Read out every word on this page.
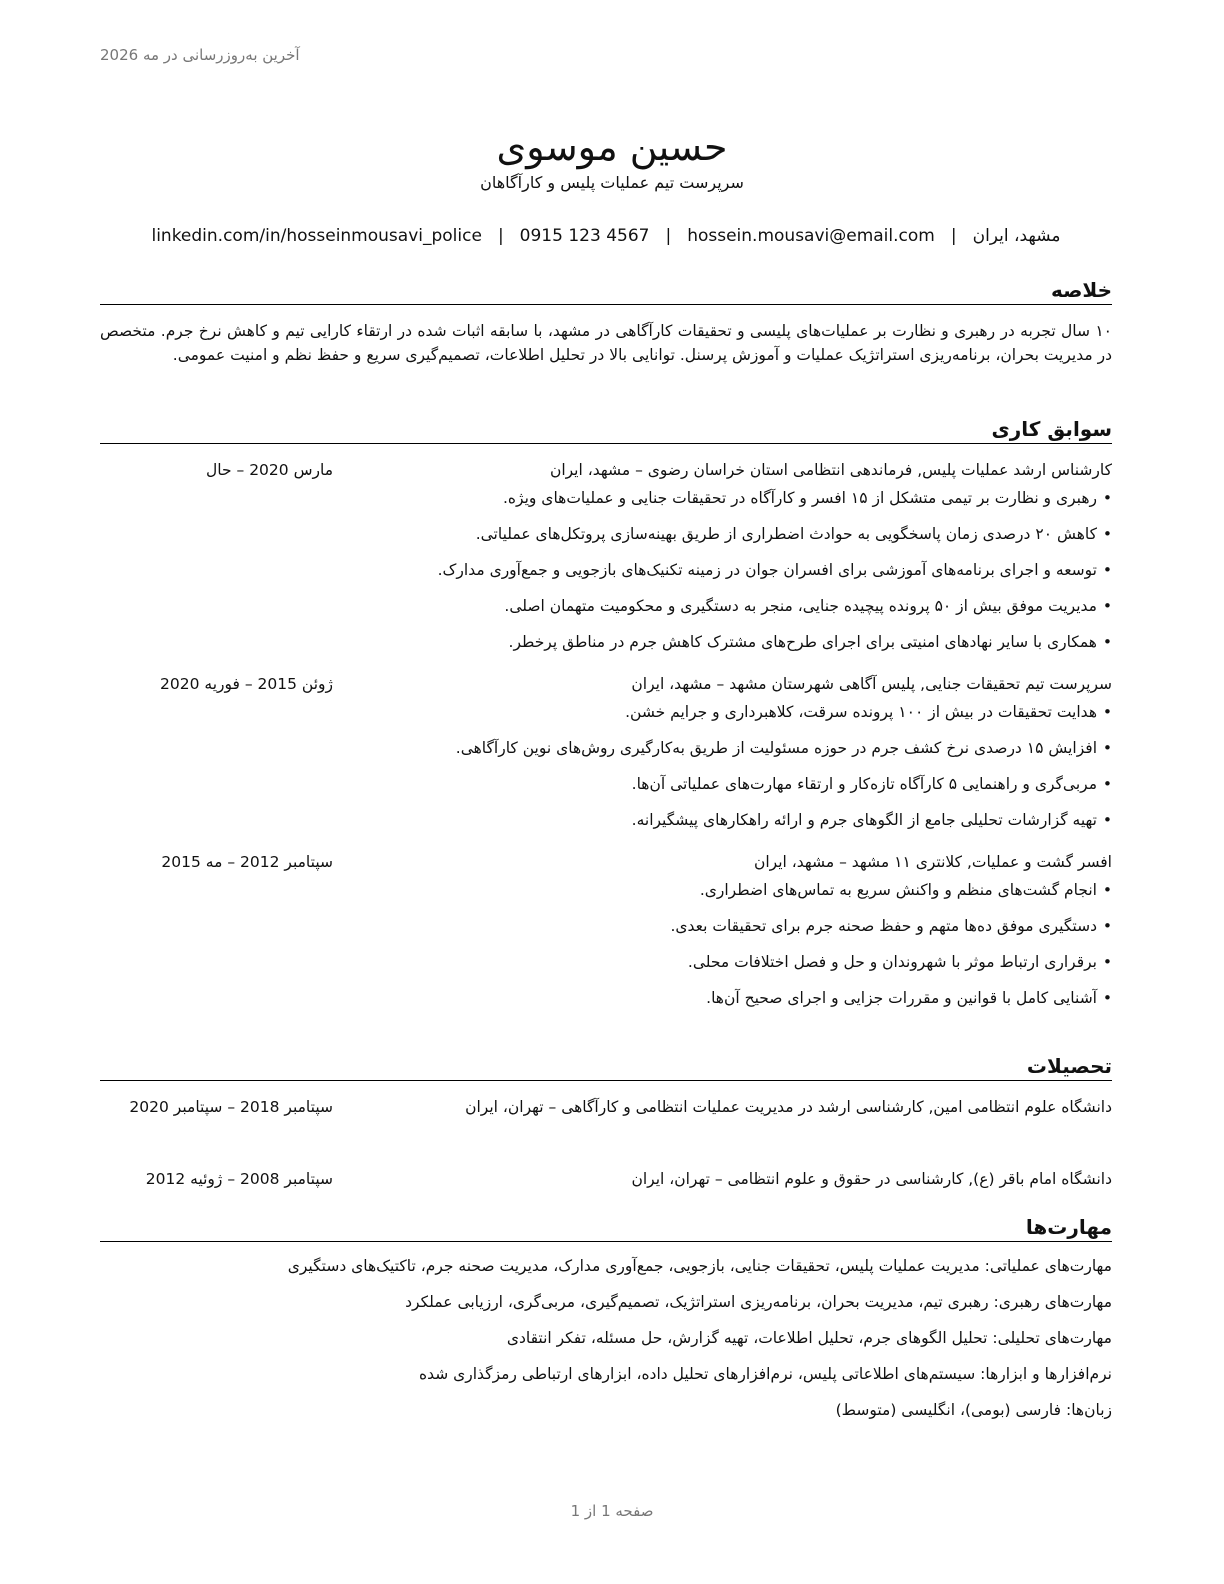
آخرین به‌روزرسانی در مه 2026
حسین موسوی
سرپرست تیم عملیات پلیس و کارآگاهان
مشهد، ایران
|
hossein.mousavi@email.com
|
0915 123 4567
|
linkedin.com/in/hosseinmousavi_police
خلاصه
۱۰ سال تجربه در رهبری و نظارت بر عملیات‌های پلیسی و تحقیقات کارآگاهی در مشهد، با سابقه اثبات شده در ارتقاء کارایی تیم و کاهش نرخ جرم. متخصص در مدیریت بحران، برنامه‌ریزی استراتژیک عملیات و آموزش پرسنل. توانایی بالا در تحلیل اطلاعات، تصمیم‌گیری سریع و حفظ نظم و امنیت عمومی.
سوابق کاری
کارشناس ارشد عملیات پلیس, فرماندهی انتظامی استان خراسان رضوی – مشهد، ایران
مارس 2020 – حال
• رهبری و نظارت بر تیمی متشکل از ۱۵ افسر و کارآگاه در تحقیقات جنایی و عملیات‌های ویژه.
• کاهش ۲۰ درصدی زمان پاسخگویی به حوادث اضطراری از طریق بهینه‌سازی پروتکل‌های عملیاتی.
• توسعه و اجرای برنامه‌های آموزشی برای افسران جوان در زمینه تکنیک‌های بازجویی و جمع‌آوری مدارک.
• مدیریت موفق بیش از ۵۰ پرونده پیچیده جنایی، منجر به دستگیری و محکومیت متهمان اصلی.
• همکاری با سایر نهادهای امنیتی برای اجرای طرح‌های مشترک کاهش جرم در مناطق پرخطر.
سرپرست تیم تحقیقات جنایی, پلیس آگاهی شهرستان مشهد – مشهد، ایران
ژوئن 2015 – فوریه 2020
• هدایت تحقیقات در بیش از ۱۰۰ پرونده سرقت، کلاهبرداری و جرایم خشن.
• افزایش ۱۵ درصدی نرخ کشف جرم در حوزه مسئولیت از طریق به‌کارگیری روش‌های نوین کارآگاهی.
• مربی‌گری و راهنمایی ۵ کارآگاه تازه‌کار و ارتقاء مهارت‌های عملیاتی آن‌ها.
• تهیه گزارشات تحلیلی جامع از الگوهای جرم و ارائه راهکارهای پیشگیرانه.
افسر گشت و عملیات, کلانتری ۱۱ مشهد – مشهد، ایران
سپتامبر 2012 – مه 2015
• انجام گشت‌های منظم و واکنش سریع به تماس‌های اضطراری.
• دستگیری موفق ده‌ها متهم و حفظ صحنه جرم برای تحقیقات بعدی.
• برقراری ارتباط موثر با شهروندان و حل و فصل اختلافات محلی.
• آشنایی کامل با قوانین و مقررات جزایی و اجرای صحیح آن‌ها.
تحصیلات
دانشگاه علوم انتظامی امین, کارشناسی ارشد در مدیریت عملیات انتظامی و کارآگاهی – تهران، ایران
سپتامبر 2018 – سپتامبر 2020
دانشگاه امام باقر (ع), کارشناسی در حقوق و علوم انتظامی – تهران، ایران
سپتامبر 2008 – ژوئیه 2012
مهارت‌ها
مهارت‌های عملیاتی: مدیریت عملیات پلیس، تحقیقات جنایی، بازجویی، جمع‌آوری مدارک، مدیریت صحنه جرم، تاکتیک‌های دستگیری
مهارت‌های رهبری: رهبری تیم، مدیریت بحران، برنامه‌ریزی استراتژیک، تصمیم‌گیری، مربی‌گری، ارزیابی عملکرد
مهارت‌های تحلیلی: تحلیل الگوهای جرم، تحلیل اطلاعات، تهیه گزارش، حل مسئله، تفکر انتقادی
نرم‌افزارها و ابزارها: سیستم‌های اطلاعاتی پلیس، نرم‌افزارهای تحلیل داده، ابزارهای ارتباطی رمزگذاری شده
زبان‌ها: فارسی (بومی)، انگلیسی (متوسط)
صفحه 1 از 1
